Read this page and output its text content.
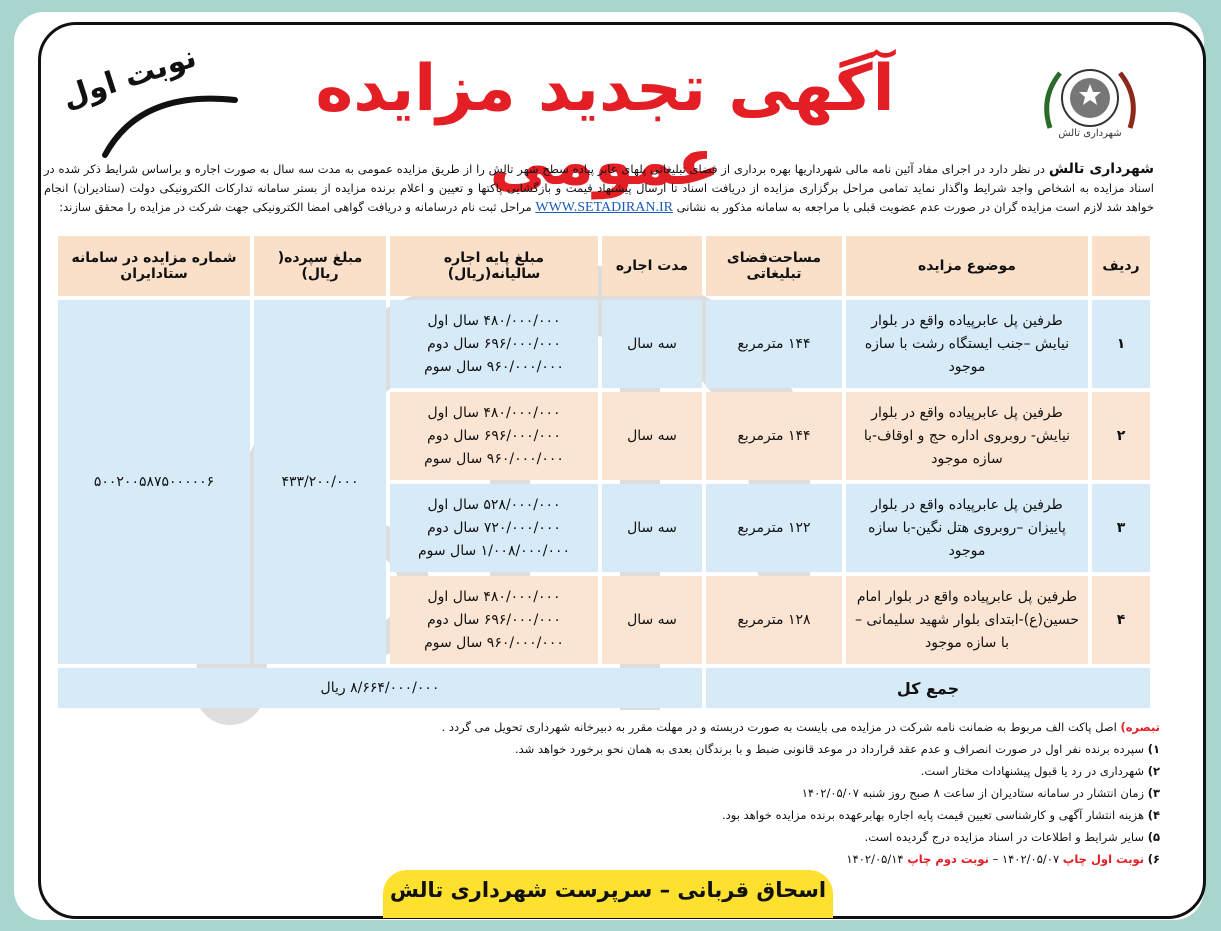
شهرداری تالش
نوبت اول	آگهی تجدید مزایده عمومی	شهرداری تالش در نظر دارد در اجرای مفاد آئین نامه مالی شهرداریها بهره برداری از فضای تبلیغاتی پلهای عابر پیاده سطح شهر تالش را از طریق مزایده عمومی به مدت سه سال به صورت اجاره و براساس شرایط ذکر شده در اسناد مزایده به اشخاص واجد شرایط واگذار نماید تمامی مراحل برگزاری مزایده از دریافت اسناد تا ارسال پیشنهاد قیمت و بازگشایی پاکتها و تعیین و اعلام برنده مزایده از بستر سامانه تدارکات الکترونیکی دولت (ستادیران) انجام خواهد شد لازم است مزایده گران در صورت عدم عضویت قبلی با مراجعه به سامانه مذکور به نشانی WWW.SETADIRAN.IR مراحل ثبت نام درسامانه و دریافت گواهی امضا الکترونیکی جهت شرکت در مزایده را محقق سازند:
ردیف	موضوع مزایده	مساحت‌فضای تبلیغاتی	مدت اجاره	مبلغ پایه اجاره سالیانه(ریال)	مبلغ سپرده( ریال)	شماره مزایده در سامانه ستادایران
۱	طرفین پل عابرپیاده واقع در بلوار نیایش –جنب ایستگاه رشت با سازه موجود	۱۴۴ مترمربع	سه سال	۴۸۰/۰۰۰/۰۰۰ سال اول
۶۹۶/۰۰۰/۰۰۰ سال دوم
۹۶۰/۰۰۰/۰۰۰ سال سوم	۴۳۳/۲۰۰/۰۰۰	۵۰۰۲۰۰۵۸۷۵۰۰۰۰۰۶
۲	طرفین پل عابرپیاده واقع در بلوار نیایش- روبروی اداره حج و اوقاف-با سازه موجود	۱۴۴ مترمربع	سه سال	۴۸۰/۰۰۰/۰۰۰ سال اول
۶۹۶/۰۰۰/۰۰۰ سال دوم
۹۶۰/۰۰۰/۰۰۰ سال سوم		

۳	طرفین پل عابرپیاده واقع در بلوار پاییزان –روبروی هتل نگین-با سازه موجود	۱۲۲ مترمربع	سه سال	۵۲۸/۰۰۰/۰۰۰ سال اول
۷۲۰/۰۰۰/۰۰۰ سال دوم
۱/۰۰۸/۰۰۰/۰۰۰ سال سوم		

۴	طرفین پل عابرپیاده واقع در بلوار امام حسین(ع)-ابتدای بلوار شهید سلیمانی –با سازه موجود	۱۲۸ مترمربع	سه سال	۴۸۰/۰۰۰/۰۰۰ سال اول
۶۹۶/۰۰۰/۰۰۰ سال دوم
۹۶۰/۰۰۰/۰۰۰ سال سوم		

جمع کل			۸/۶۶۴/۰۰۰/۰۰۰ ریال			
تبصره) اصل پاکت الف مربوط به ضمانت نامه شرکت در مزایده می بایست به صورت دربسته و در مهلت مقرر به دبیرخانه شهرداری تحویل می گردد .
۱) سپرده برنده نفر اول در صورت انصراف و عدم عقد قرارداد در موعد قانونی ضبط و با برندگان بعدی به همان نحو برخورد خواهد شد.
۲) شهرداری در رد یا قبول پیشنهادات مختار است.
۳) زمان انتشار در سامانه ستادیران از ساعت ۸ صبح روز شنبه ۱۴۰۲/۰۵/۰۷
۴) هزینه انتشار آگهی و کارشناسی تعیین قیمت پایه اجاره بهابرعهده برنده مزایده خواهد بود.
۵) سایر شرایط و اطلاعات در اسناد مزایده درج گردیده است.
۶) نوبت اول چاپ ۱۴۰۲/۰۵/۰۷ – نوبت دوم چاپ ۱۴۰۲/۰۵/۱۴
اسحاق قربانی – سرپرست شهرداری تالش
